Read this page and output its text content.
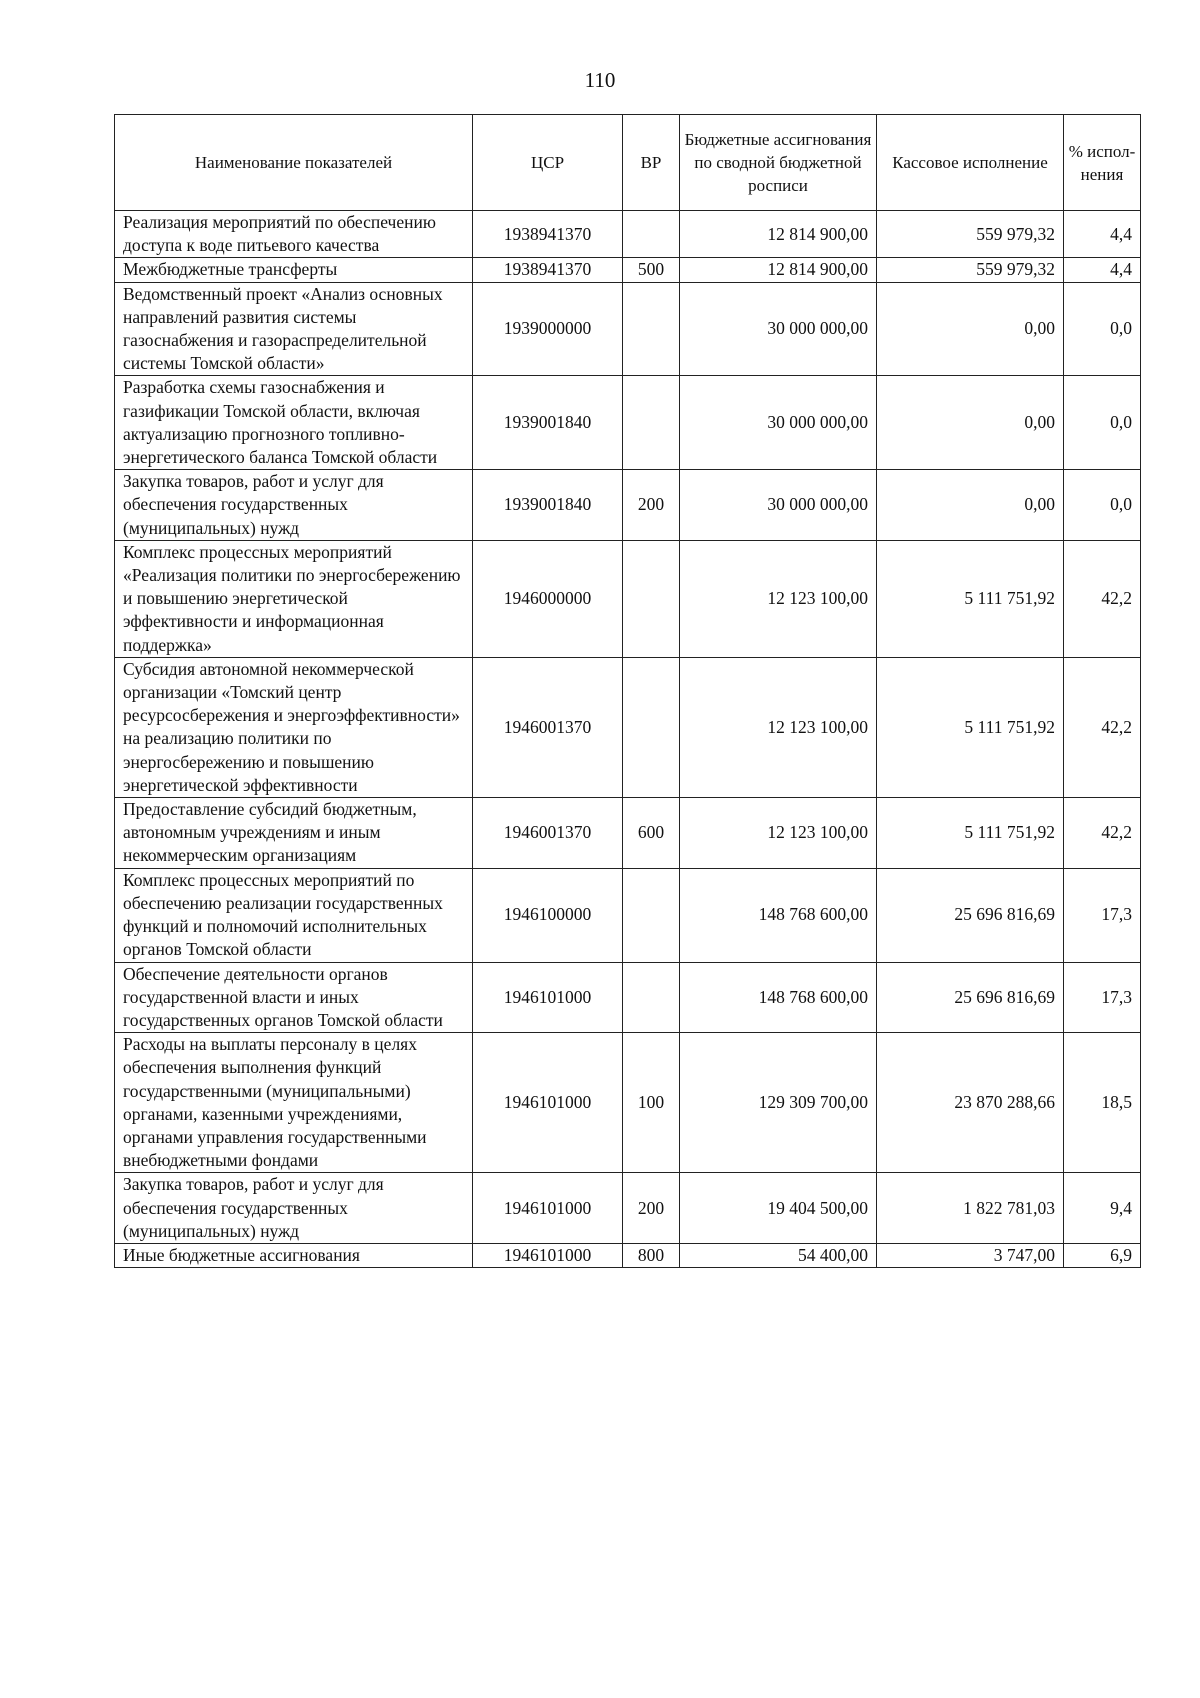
110
Наименование показателей	ЦСР	ВР	Бюджетные ассигнования по сводной бюджетной росписи	Кассовое исполнение	% испол-нения
Реализация мероприятий по обеспечению доступа к воде питьевого качества	1938941370		12 814 900,00	559 979,32	4,4
Межбюджетные трансферты	1938941370	500	12 814 900,00	559 979,32	4,4
Ведомственный проект «Анализ основных направлений развития системы газоснабжения и газораспределительной системы Томской области»	1939000000		30 000 000,00	0,00	0,0
Разработка схемы газоснабжения и газификации Томской области, включая актуализацию прогнозного топливно-энергетического баланса Томской области	1939001840		30 000 000,00	0,00	0,0
Закупка товаров, работ и услуг для обеспечения государственных (муниципальных) нужд	1939001840	200	30 000 000,00	0,00	0,0
Комплекс процессных мероприятий «Реализация политики по энергосбережению и повышению энергетической эффективности и информационная поддержка»	1946000000		12 123 100,00	5 111 751,92	42,2
Субсидия автономной некоммерческой организации «Томский центр ресурсосбережения и энергоэффективности» на реализацию политики по энергосбережению и повышению энергетической эффективности	1946001370		12 123 100,00	5 111 751,92	42,2
Предоставление субсидий бюджетным, автономным учреждениям и иным некоммерческим организациям	1946001370	600	12 123 100,00	5 111 751,92	42,2
Комплекс процессных мероприятий по обеспечению реализации государственных функций и полномочий исполнительных органов Томской области	1946100000		148 768 600,00	25 696 816,69	17,3
Обеспечение деятельности органов государственной власти и иных государственных органов Томской области	1946101000		148 768 600,00	25 696 816,69	17,3
Расходы на выплаты персоналу в целях обеспечения выполнения функций государственными (муниципальными) органами, казенными учреждениями, органами управления государственными внебюджетными фондами	1946101000	100	129 309 700,00	23 870 288,66	18,5
Закупка товаров, работ и услуг для обеспечения государственных (муниципальных) нужд	1946101000	200	19 404 500,00	1 822 781,03	9,4
Иные бюджетные ассигнования	1946101000	800	54 400,00	3 747,00	6,9
